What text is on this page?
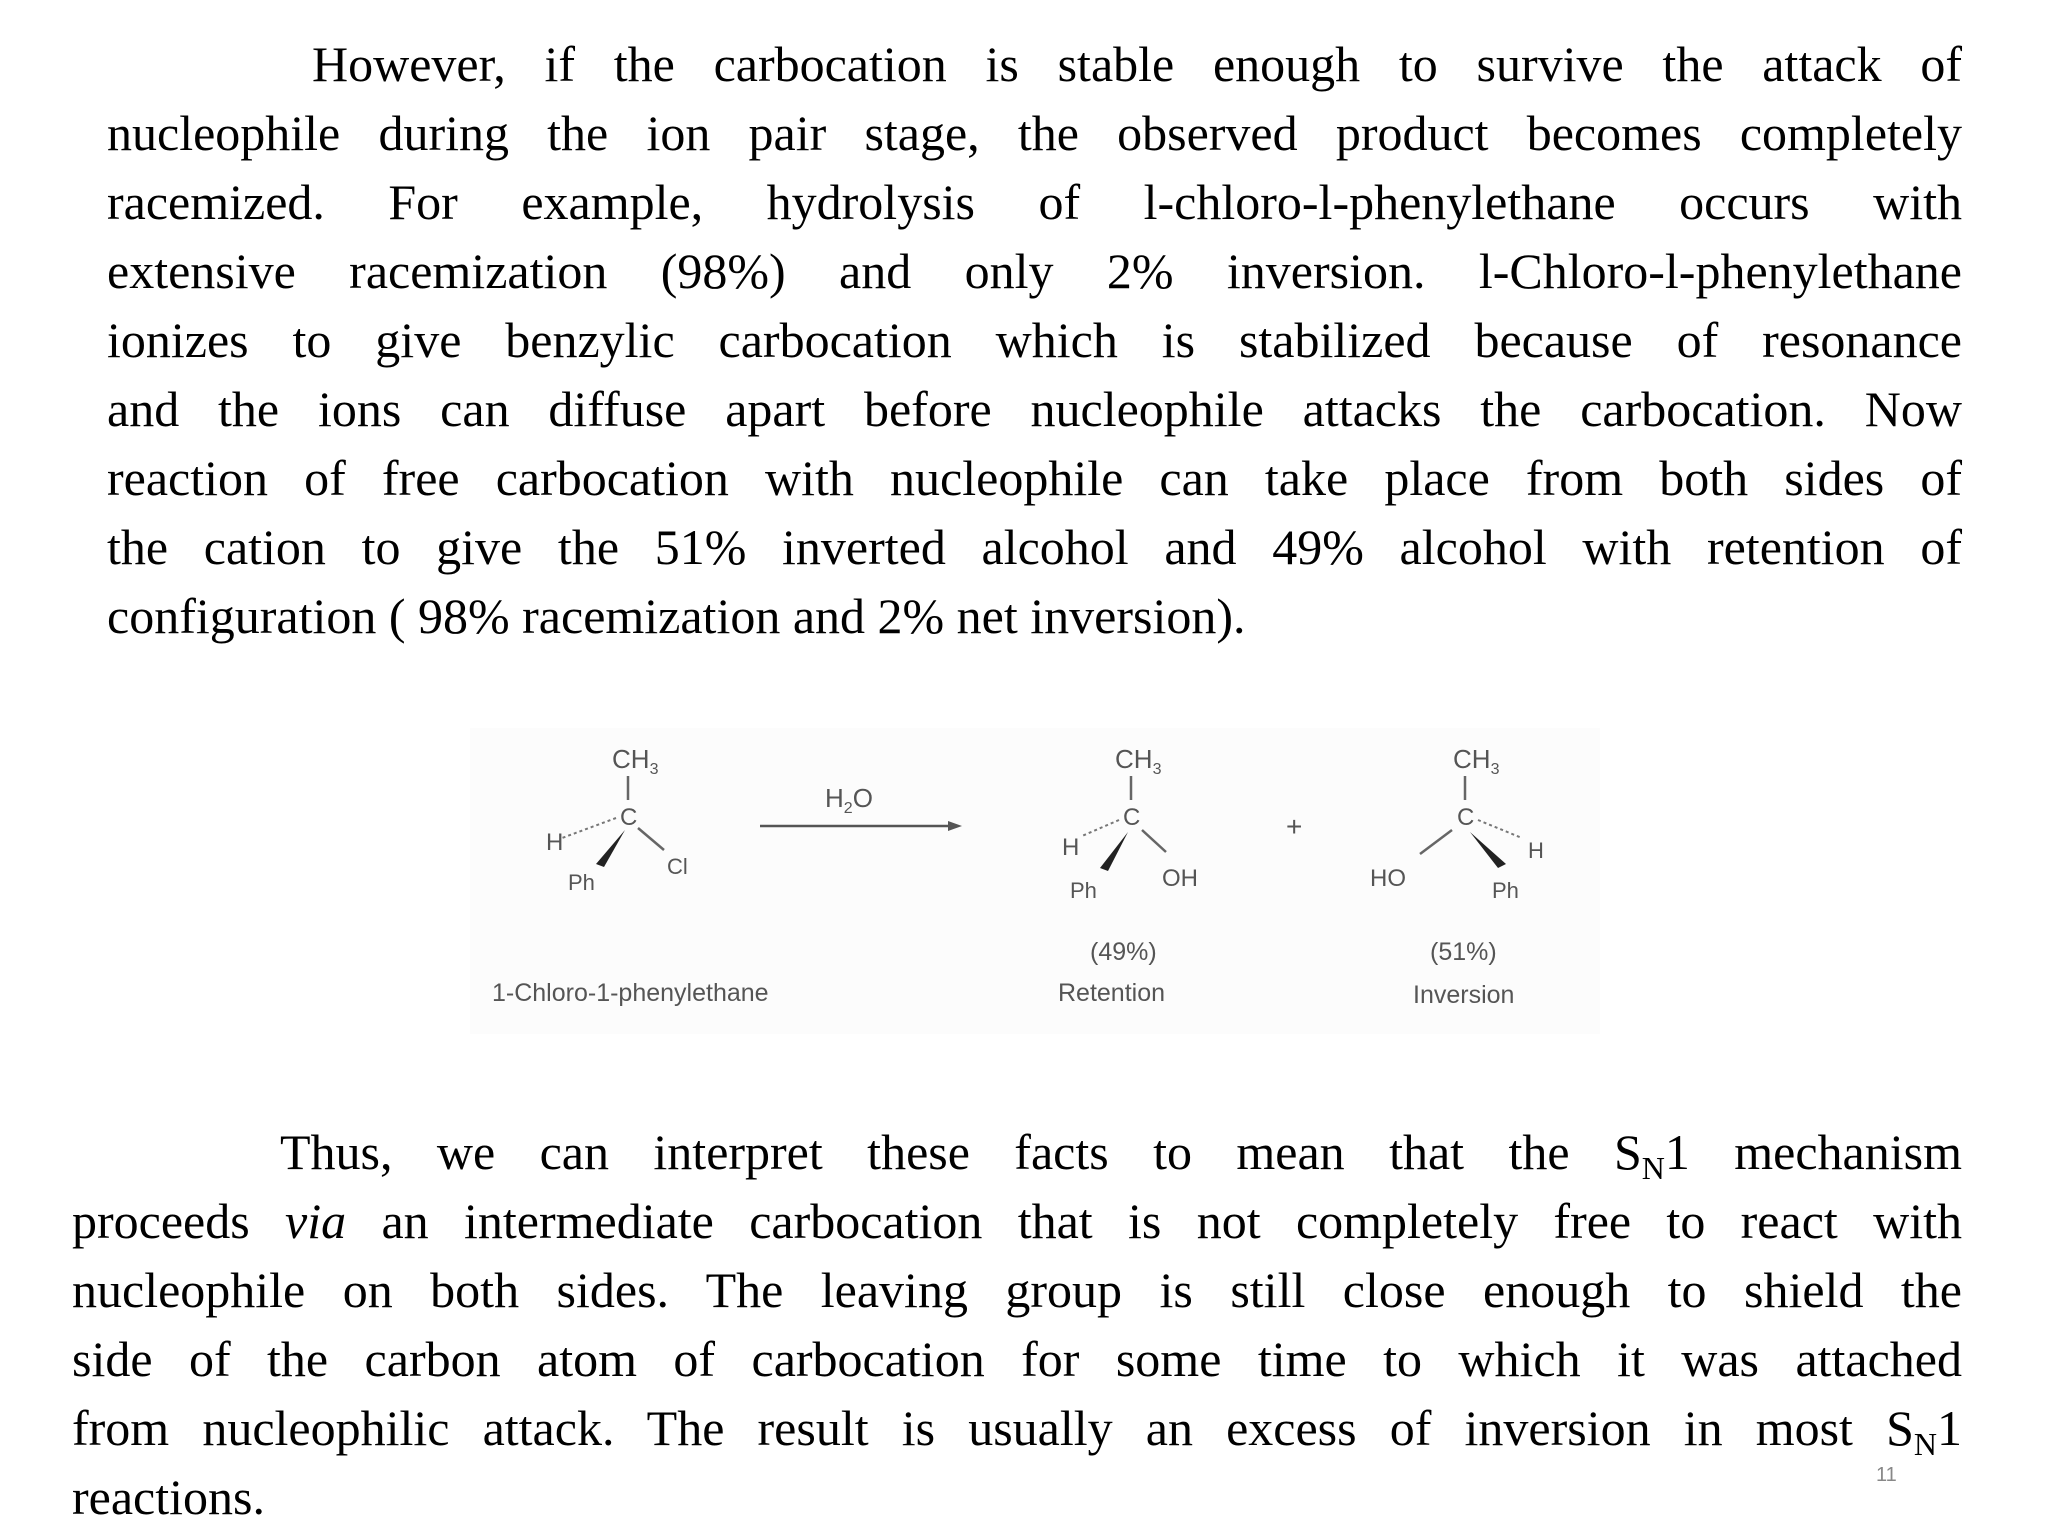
However, if the carbocation is stable enough to survive the attack of
nucleophile during the ion pair stage, the observed product becomes completely
racemized. For example, hydrolysis of l-chloro-l-phenylethane occurs with
extensive racemization (98%) and only 2% inversion. l-Chloro-l-phenylethane
ionizes to give benzylic carbocation which is stabilized because of resonance
and the ions can diffuse apart before nucleophile attacks the carbocation. Now
reaction of free carbocation with nucleophile can take place from both sides of
the cation to give the 51% inverted alcohol and 49% alcohol with retention of
configuration ( 98% racemization and 2% net inversion).
$CH_3$
C
H
Ph
Cl
1-Chloro-1-phenylethane
$H_2O$
$CH_3$
C
H
Ph	OH
(49%)
Retention
+
$CH_3$
C
H
Ph
HO
(51%)
Inversion
Thus, we can interpret these facts to mean that the $S_N1$ mechanism
proceeds via an intermediate carbocation that is not completely free to react with
nucleophile on both sides. The leaving group is still close enough to shield the
side of the carbon atom of carbocation for some time to which it was attached
from nucleophilic attack. The result is usually an excess of inversion in most $S_N1$
reactions.	11
